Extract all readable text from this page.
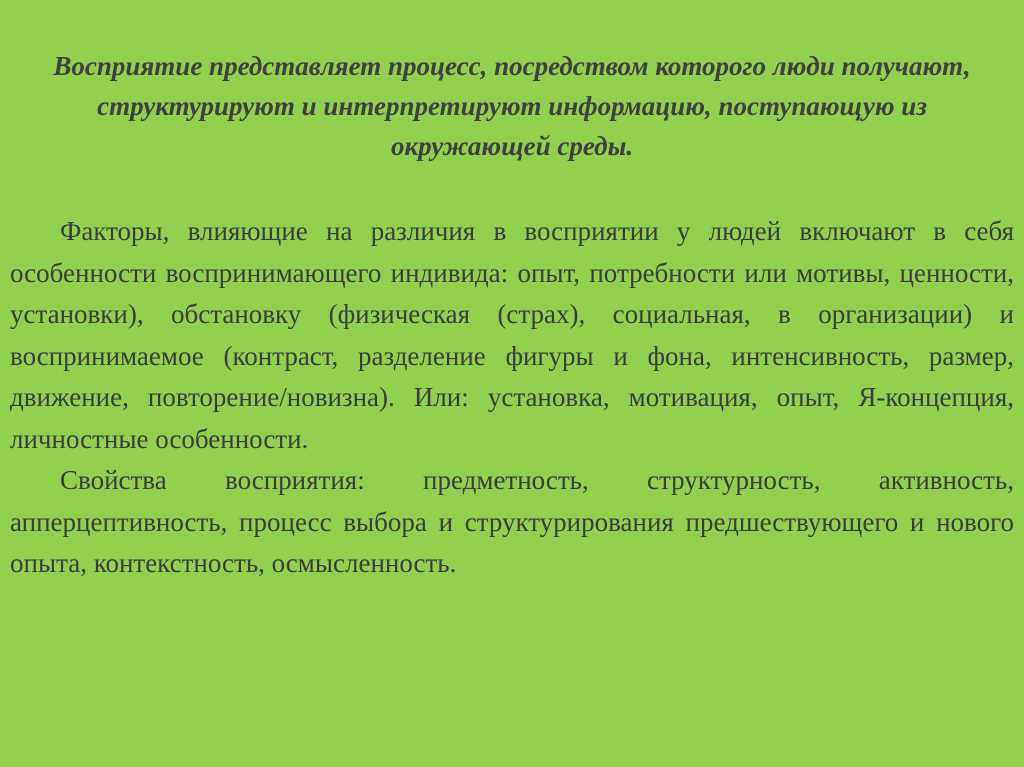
Восприятие представляет процесс, посредством которого люди получают, структурируют и интерпретируют информацию, поступающую из окружающей среды.

Факторы, влияющие на различия в восприятии у людей включают в себя особенности воспринимающего индивида: опыт, потребности или мотивы, ценности, установки), обстановку (физическая (страх), социальная, в организации) и воспринимаемое (контраст, разделение фигуры и фона, интенсивность, размер, движение, повторение/новизна). Или: установка, мотивация, опыт, Я-концепция, личностные особенности.

Свойства восприятия: предметность, структурность, активность, апперцептивность, процесс выбора и структурирования предшествующего и нового опыта, контекстность, осмысленность.
